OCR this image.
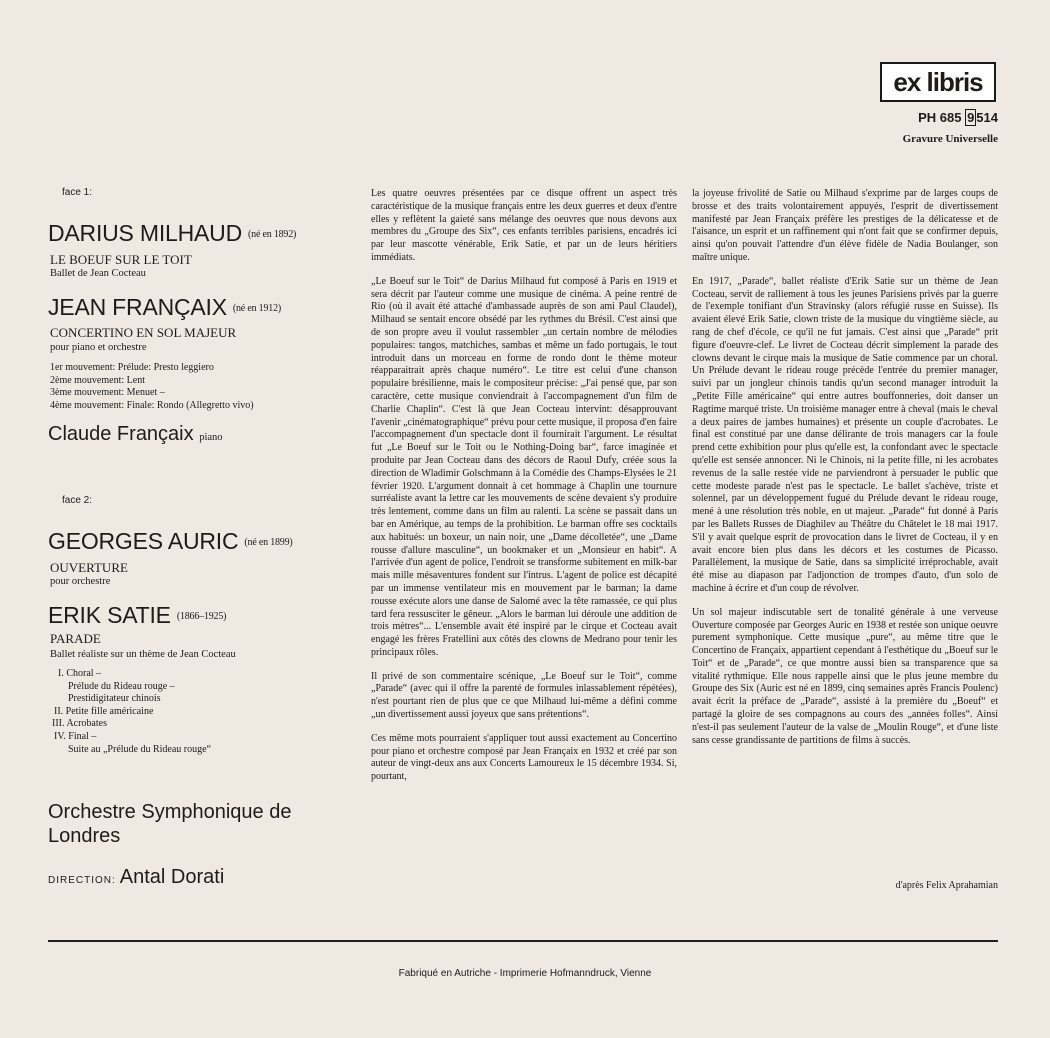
ex libris
PH 685 9 514
Gravure Universelle
face 1:
DARIUS MILHAUD (né en 1892)
LE BOEUF SUR LE TOIT
Ballet de Jean Cocteau
JEAN FRANÇAIX (né en 1912)
CONCERTINO EN SOL MAJEUR
pour piano et orchestre
1er mouvement: Prélude: Presto leggiero
2ème mouvement: Lent
3ème mouvement: Menuet –
4ème mouvement: Finale: Rondo (Allegretto vivo)
Claude Françaix piano
face 2:
GEORGES AURIC (né en 1899)
OUVERTURE
pour orchestre
ERIK SATIE (1866–1925)
PARADE
Ballet réaliste sur un thème de Jean Cocteau
I. Choral –
Prélude du Rideau rouge –
Prestidigitateur chinois
II. Petite fille américaine
III. Acrobates
IV. Final –
Suite au „Prélude du Rideau rouge“
Orchestre Symphonique de Londres
DIRECTION: Antal Dorati

Les quatre oeuvres présentées par ce disque offrent un aspect très caractéristique de la musique français entre les deux guerres et deux d'entre elles y reflètent la gaieté sans mélange des oeuvres que nous devons aux membres du „Groupe des Six“, ces enfants terribles parisiens, encadrés ici par leur mascotte vénérable, Erik Satie, et par un de leurs héritiers immédiats.

„Le Boeuf sur le Toit“ de Darius Milhaud fut composé à Paris en 1919 et sera décrit par l'auteur comme une musique de cinéma. A peine rentré de Rio (où il avait été attaché d'ambassade auprès de son ami Paul Claudel), Milhaud se sentait encore obsédé par les rythmes du Brésil. C'est ainsi que de son propre aveu il voulut rassembler „un certain nombre de mélodies populaires: tangos, matchiches, sambas et même un fado portugais, le tout introduit dans un morceau en forme de rondo dont le thème moteur réapparaitrait après chaque numéro“. Le titre est celui d'une chanson populaire brésilienne, mais le compositeur précise: „J'ai pensé que, par son caractère, cette musique conviendrait à l'accompagnement d'un film de Charlie Chaplin“. C'est là que Jean Cocteau intervint: désapprouvant l'avenir „cinématographique“ prévu pour cette musique, il proposa d'en faire l'accompagnement d'un spectacle dont il fournirait l'argument. Le résultat fut „Le Boeuf sur le Toit ou le Nothing-Doing bar“, farce imaginée et produite par Jean Cocteau dans des décors de Raoul Dufy, créée sous la direction de Wladimir Golschmann à la Comédie des Champs-Elysées le 21 février 1920. L'argument donnait à cet hommage à Chaplin une tournure surréaliste avant la lettre car les mouvements de scène devaient s'y produire très lentement, comme dans un film au ralenti. La scène se passait dans un bar en Amérique, au temps de la prohibition. Le barman offre ses cocktails aux habitués: un boxeur, un nain noir, une „Dame décolletée“, une „Dame rousse d'allure masculine“, un bookmaker et un „Monsieur en habit“. A l'arrivée d'un agent de police, l'endroit se transforme subitement en milk-bar mais mille mésaventures fondent sur l'intrus. L'agent de police est décapité par un immense ventilateur mis en mouvement par le barman; la dame rousse exécute alors une danse de Salomé avec la tête ramassée, ce qui plus tard fera ressusciter le gêneur. „Alors le barman lui déroule une addition de trois mètres“... L'ensemble avait été inspiré par le cirque et Cocteau avait engagé les frères Fratellini aux côtés des clowns de Medrano pour tenir les principaux rôles.

Il privé de son commentaire scénique, „Le Boeuf sur le Toit“, comme „Parade“ (avec qui il offre la parenté de formules inlassablement répétées), n'est pourtant rien de plus que ce que Milhaud lui-même a défini comme „un divertissement aussi joyeux que sans prétentions“.

Ces même mots pourraient s'appliquer tout aussi exactement au Concertino pour piano et orchestre composé par Jean Françaix en 1932 et créé par son auteur de vingt-deux ans aux Concerts Lamoureux le 15 décembre 1934. Si, pourtant,

la joyeuse frivolité de Satie ou Milhaud s'exprime par de larges coups de brosse et des traits volontairement appuyés, l'esprit de divertissement manifesté par Jean Françaix préfère les prestiges de la délicatesse et de l'aisance, un esprit et un raffinement qui n'ont fait que se confirmer depuis, ainsi qu'on pouvait l'attendre d'un élève fidèle de Nadia Boulanger, son maître unique.

En 1917, „Parade“, ballet réaliste d'Erik Satie sur un thème de Jean Cocteau, servit de ralliement à tous les jeunes Parisiens privés par la guerre de l'exemple tonifiant d'un Stravinsky (alors réfugié russe en Suisse). Ils avaient élevé Erik Satie, clown triste de la musique du vingtième siècle, au rang de chef d'école, ce qu'il ne fut jamais. C'est ainsi que „Parade“ prit figure d'oeuvre-clef. Le livret de Cocteau décrit simplement la parade des clowns devant le cirque mais la musique de Satie commence par un choral. Un Prélude devant le rideau rouge précède l'entrée du premier manager, suivi par un jongleur chinois tandis qu'un second manager introduit la „Petite Fille américaine“ qui entre autres bouffonneries, doit danser un Ragtime marqué triste. Un troisième manager entre à cheval (mais le cheval a deux paires de jambes humaines) et présente un couple d'acrobates. Le final est constitué par une danse délirante de trois managers car la foule prend cette exhibition pour plus qu'elle est, la confondant avec le spectacle qu'elle est sensée annoncer. Ni le Chinois, ni la petite fille, ni les acrobates revenus de la salle restée vide ne parviendront à persuader le public que cette modeste parade n'est pas le spectacle. Le ballet s'achève, triste et solennel, par un développement fugué du Prélude devant le rideau rouge, mené à une résolution très noble, en ut majeur. „Parade“ fut donné à Paris par les Ballets Russes de Diaghilev au Théâtre du Châtelet le 18 mai 1917. S'il y avait quelque esprit de provocation dans le livret de Cocteau, il y en avait encore bien plus dans les décors et les costumes de Picasso. Parallèlement, la musique de Satie, dans sa simplicité irréprochable, avait été mise au diapason par l'adjonction de trompes d'auto, d'un solo de machine à écrire et d'un coup de révolver.

Un sol majeur indiscutable sert de tonalité générale à une verveuse Ouverture composée par Georges Auric en 1938 et restée son unique oeuvre purement symphonique. Cette musique „pure“, au même titre que le Concertino de Françaix, appartient cependant à l'esthétique du „Boeuf sur le Toit“ et de „Parade“, ce que montre aussi bien sa transparence que sa vitalité rythmique. Elle nous rappelle ainsi que le plus jeune membre du Groupe des Six (Auric est né en 1899, cinq semaines après Francis Poulenc) avait écrit la préface de „Parade“, assisté à la première du „Boeuf“ et partagé la gloire de ses compagnons au cours des „années folles“. Ainsi n'est-il pas seulement l'auteur de la valse de „Moulin Rouge“, et d'une liste sans cesse grandissante de partitions de films à succès.

d'après Felix Aprahamian
Fabriqué en Autriche - Imprimerie Hofmanndruck, Vienne
